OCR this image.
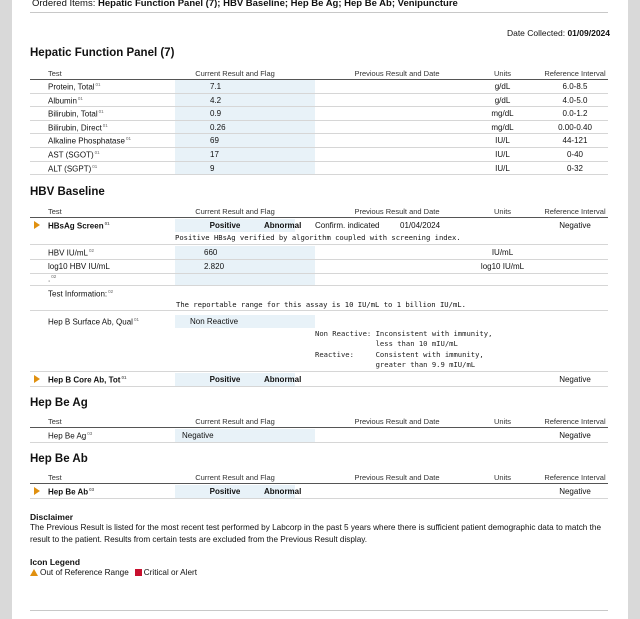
Ordered Items: Hepatic Function Panel (7); HBV Baseline; Hep Be Ag; Hep Be Ab; Venipuncture
Date Collected: 01/09/2024
Hepatic Function Panel (7)
Test	Current Result and Flag	Previous Result and Date	Units	Reference Interval
Protein, Total$^{01}$	7.1	g/dL	6.0-8.5
Albumin$^{01}$	4.2	g/dL	4.0-5.0
Bilirubin, Total$^{01}$	0.9	mg/dL	0.0-1.2
Bilirubin, Direct$^{01}$	0.26	mg/dL	0.00-0.40
Alkaline Phosphatase$^{01}$	69	IU/L	44-121
AST (SGOT)$^{01}$	17	IU/L	0-40
ALT (SGPT)$^{01}$	9	IU/L	0-32
HBV Baseline
Test	Current Result and Flag	Previous Result and Date	Units	Reference Interval
HBsAg Screen$^{01}$	Positive	Abnormal Confirm. indicated	01/04/2024	Negative
Positive HBsAg verified by algorithm coupled with screening index.
HBV $IU/mL^{02}$	660	IU/mL
log10 HBV IU/mL	2.820	log10 IU/mL
.$^{02}$
Test Information:$^{02}$
The reportable range for this assay is 10 IU/mL to 1 billion IU/mL.
Hep B Surface Ab, Qual$^{01}$	Non Reactive
Non Reactive: Inconsistent with immunity,
less than 10 mIU/mL
Reactive:     Consistent with immunity,
greater than 9.9 mIU/mL
Hep B Core Ab, Tot$^{01}$	Positive	Abnormal	Negative
Hep Be Ag
Test	Current Result and Flag	Previous Result and Date	Units	Reference Interval
Hep Be Ag$^{03}$	Negative	Negative
Hep Be Ab
Test	Current Result and Flag	Previous Result and Date	Units	Reference Interval
Hep Be Ab$^{03}$	Positive	Abnormal	Negative
Disclaimer
The Previous Result is listed for the most recent test performed by Labcorp in the past 5 years where there is sufficient patient demographic data to match the result to the patient. Results from certain tests are excluded from the Previous Result display.
Icon Legend
Out of Reference Range Critical or Alert
